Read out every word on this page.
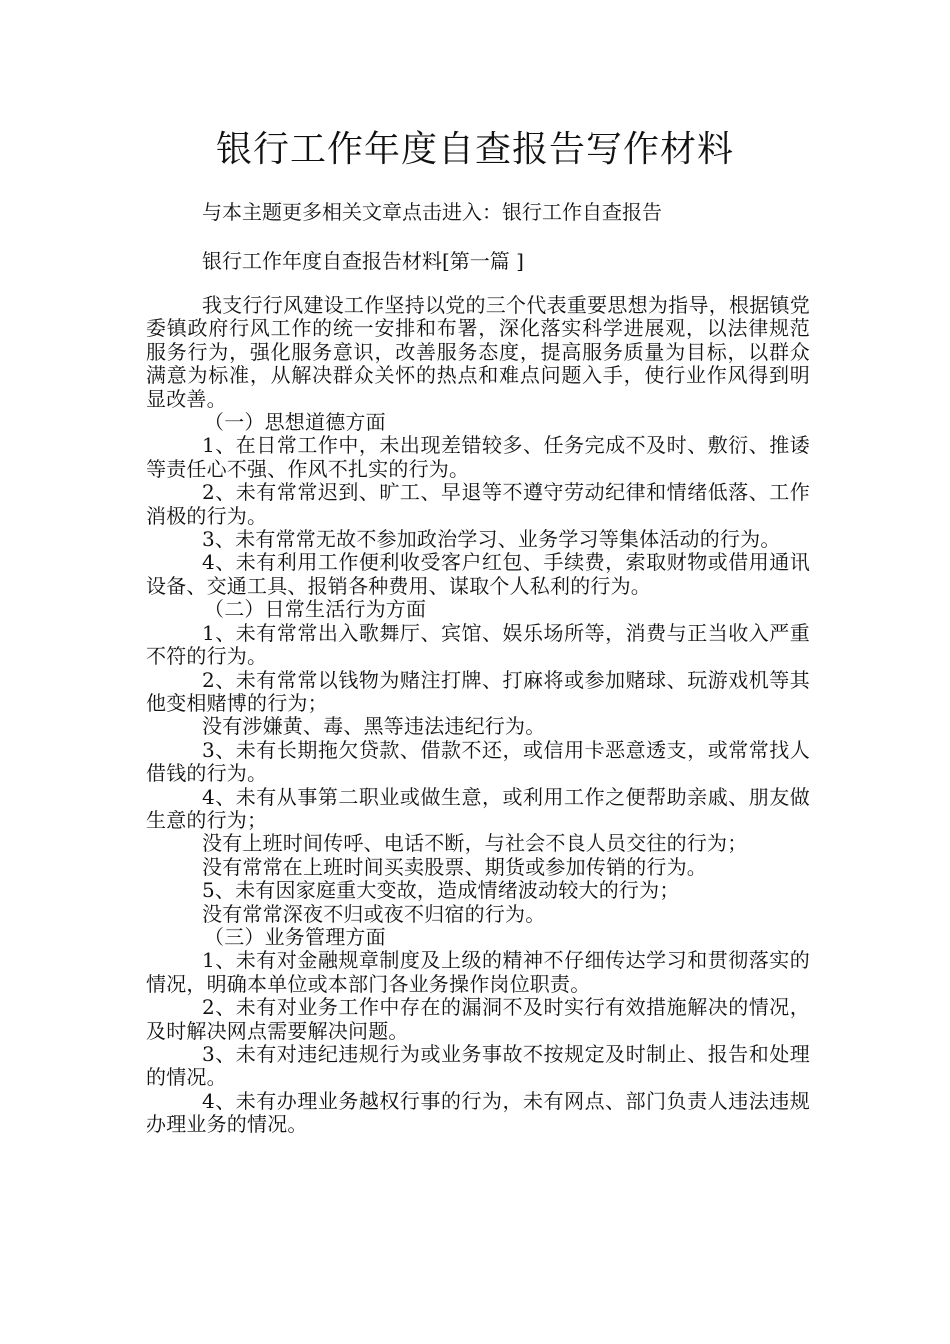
银行工作年度自查报告写作材料

与本主题更多相关文章点击进入：银行工作自查报告

银行工作年度自查报告材料[第一篇 ]

我支行行风建设工作坚持以党的三个代表重要思想为指导，根据镇党委镇政府行风工作的统一安排和布署，深化落实科学进展观，以法律规范服务行为，强化服务意识，改善服务态度，提高服务质量为目标，以群众满意为标准，从解决群众关怀的热点和难点问题入手，使行业作风得到明显改善。

（一）思想道德方面

1、在日常工作中，未出现差错较多、任务完成不及时、敷衍、推诿等责任心不强、作风不扎实的行为。

2、未有常常迟到、旷工、早退等不遵守劳动纪律和情绪低落、工作消极的行为。

3、未有常常无故不参加政治学习、业务学习等集体活动的行为。

4、未有利用工作便利收受客户红包、手续费，索取财物或借用通讯设备、交通工具、报销各种费用、谋取个人私利的行为。

（二）日常生活行为方面

1、未有常常出入歌舞厅、宾馆、娱乐场所等，消费与正当收入严重不符的行为。

2、未有常常以钱物为赌注打牌、打麻将或参加赌球、玩游戏机等其他变相赌博的行为；

没有涉嫌黄、毒、黑等违法违纪行为。

3、未有长期拖欠贷款、借款不还，或信用卡恶意透支，或常常找人借钱的行为。

4、未有从事第二职业或做生意，或利用工作之便帮助亲戚、朋友做生意的行为；

没有上班时间传呼、电话不断，与社会不良人员交往的行为；

没有常常在上班时间买卖股票、期货或参加传销的行为。

5、未有因家庭重大变故，造成情绪波动较大的行为；

没有常常深夜不归或夜不归宿的行为。

（三）业务管理方面

1、未有对金融规章制度及上级的精神不仔细传达学习和贯彻落实的情况，明确本单位或本部门各业务操作岗位职责。

2、未有对业务工作中存在的漏洞不及时实行有效措施解决的情况，及时解决网点需要解决问题。

3、未有对违纪违规行为或业务事故不按规定及时制止、报告和处理的情况。

4、未有办理业务越权行事的行为，未有网点、部门负责人违法违规办理业务的情况。
